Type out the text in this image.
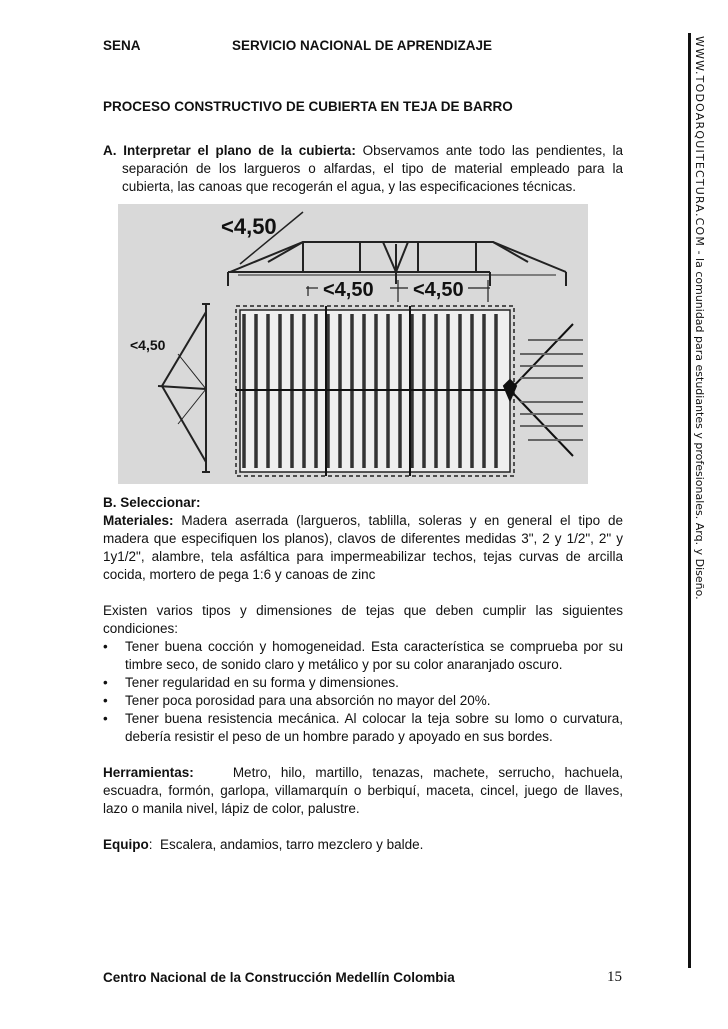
SENA	SERVICIO NACIONAL DE APRENDIZAJE	WWW.TODOARQUITECTURA.COM - la comunidad para estudiantes y profesionales. Arq. y Diseño.
PROCESO CONSTRUCTIVO DE CUBIERTA EN TEJA DE BARRO
A. Interpretar el plano de la cubierta: Observamos ante todo las pendientes, la separación de los largueros o alfardas, el tipo de material empleado para la cubierta, las canoas que recogerán el agua, y las especificaciones técnicas.
<4,50
<4,50 <4,50
<4,50
B. Seleccionar:
Materiales: Madera aserrada (largueros, tablilla, soleras y en general el tipo de madera que especifiquen los planos), clavos de diferentes medidas 3", 2 y 1/2", 2" y 1y1/2", alambre, tela asfáltica para impermeabilizar techos, tejas curvas de arcilla cocida, mortero de pega 1:6 y canoas de zinc
Existen varios tipos y dimensiones de tejas que deben cumplir las siguientes condiciones:
• Tener buena cocción y homogeneidad. Esta característica se comprueba por su timbre seco, de sonido claro y metálico y por su color anaranjado oscuro.
• Tener regularidad en su forma y dimensiones.
• Tener poca porosidad para una absorción no mayor del 20%.
• Tener buena resistencia mecánica. Al colocar la teja sobre su lomo o curvatura, debería resistir el peso de un hombre parado y apoyado en sus bordes.
Herramientas:	Metro, hilo, martillo, tenazas, machete, serrucho, hachuela, escuadra, formón, garlopa, villamarquín o berbiquí, maceta, cincel, juego de llaves, lazo o manila nivel, lápiz de color, palustre.
Equipo:  Escalera, andamios, tarro mezclero y balde.
Centro Nacional de la Construcción Medellín Colombia	15
